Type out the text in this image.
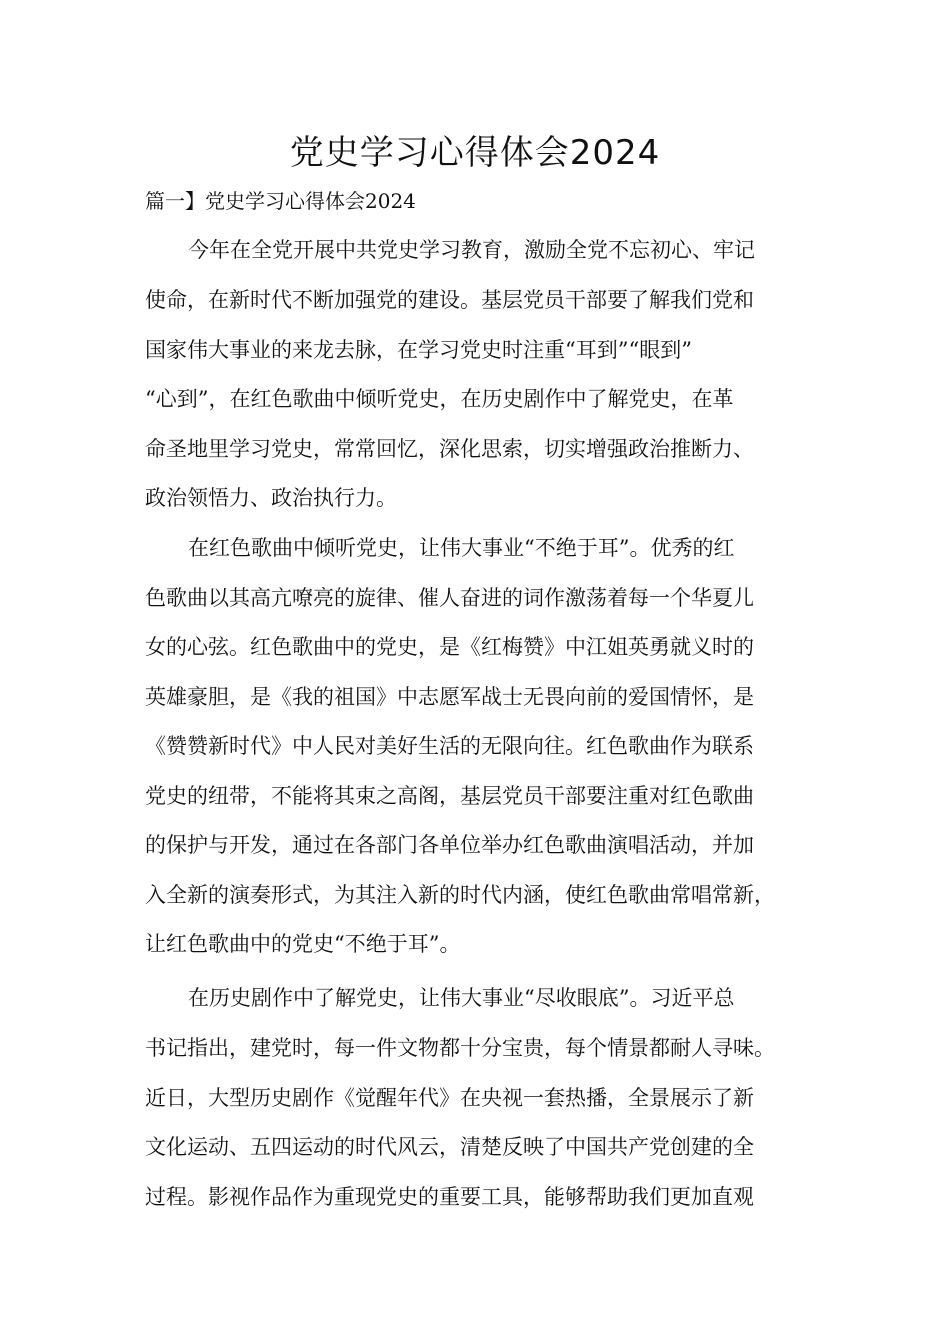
党史学习心得体会2024

篇一】党史学习心得体会2024

今年在全党开展中共党史学习教育，激励全党不忘初心、牢记

使命，在新时代不断加强党的建设。基层党员干部要了解我们党和

国家伟大事业的来龙去脉，在学习党史时注重“耳到”“眼到”

“心到”，在红色歌曲中倾听党史，在历史剧作中了解党史，在革

命圣地里学习党史，常常回忆，深化思索，切实增强政治推断力、

政治领悟力、政治执行力。

在红色歌曲中倾听党史，让伟大事业“不绝于耳”。优秀的红

色歌曲以其高亢嘹亮的旋律、催人奋进的词作激荡着每一个华夏儿

女的心弦。红色歌曲中的党史，是《红梅赞》中江姐英勇就义时的

英雄豪胆，是《我的祖国》中志愿军战士无畏向前的爱国情怀，是

《赞赞新时代》中人民对美好生活的无限向往。红色歌曲作为联系

党史的纽带，不能将其束之高阁，基层党员干部要注重对红色歌曲

的保护与开发，通过在各部门各单位举办红色歌曲演唱活动，并加

入全新的演奏形式，为其注入新的时代内涵，使红色歌曲常唱常新，

让红色歌曲中的党史“不绝于耳”。

在历史剧作中了解党史，让伟大事业“尽收眼底”。习近平总

书记指出，建党时，每一件文物都十分宝贵，每个情景都耐人寻味。

近日，大型历史剧作《觉醒年代》在央视一套热播，全景展示了新

文化运动、五四运动的时代风云，清楚反映了中国共产党创建的全

过程。影视作品作为重现党史的重要工具，能够帮助我们更加直观
